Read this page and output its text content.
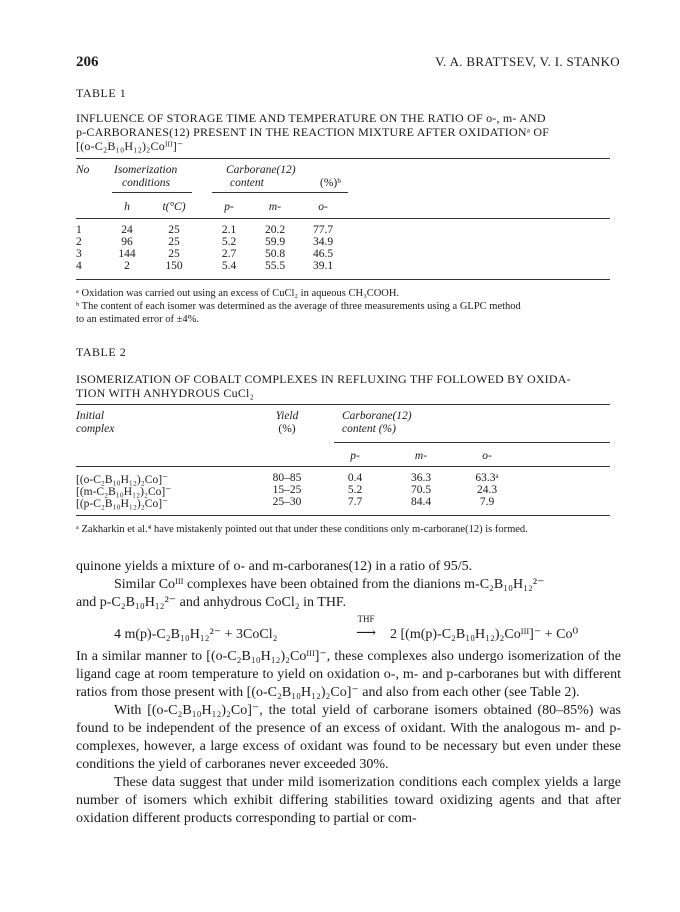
206	V. A. BRATTSEV, V. I. STANKO
TABLE 1
INFLUENCE OF STORAGE TIME AND TEMPERATURE ON THE RATIO OF o-, m- AND
p-CARBORANES(12) PRESENT IN THE REACTION MIXTURE AFTER OXIDATIONᵃ OF
[(o-C₂B₁₀H₁₂)₂Coᴵᴵᴵ]⁻
No Isomerization
conditions
Carborane(12)
content	(%)ᵇ
h	t(°C)	p-	m-	o-
1	24	25	2.1	20.2	77.7
2	96	25	5.2	59.9	34.9
3	144	25	2.7	50.8	46.5
4	2	150	5.4	55.5	39.1
ᵃ Oxidation was carried out using an excess of CuCl₂ in aqueous CH₃COOH.
ᵇ The content of each isomer was determined as the average of three measurements using a GLPC method
to an estimated error of ±4%.
TABLE 2
ISOMERIZATION OF COBALT COMPLEXES IN REFLUXING THF FOLLOWED BY OXIDA-
TION WITH ANHYDROUS CuCl₂
Initial
complex
Yield
(%)
Carborane(12)
content (%)
p-	m-	o-
[(o-C₂B₁₀H₁₂)₂Co]⁻	80–85	0.4	36.3	63.3ᵃ
[(m-C₂B₁₀H₁₂)₂Co]⁻	15–25	5.2	70.5	24.3
[(p-C₂B₁₀H₁₂)₂Co]⁻	25–30	7.7	84.4	7.9
ᵃ Zakharkin et al.⁴ have mistakenly pointed out that under these conditions only m-carborane(12) is formed.

quinone yields a mixture of o- and m-carboranes(12) in a ratio of 95/5.

Similar Coᴵᴵᴵ complexes have been obtained from the dianions m-C₂B₁₀H₁₂²⁻

and p-C₂B₁₀H₁₂²⁻ and anhydrous CoCl₂ in THF.

4 m(p)-C₂B₁₀H₁₂²⁻ + 3CoCl₂
THF
⟶ 2 [(m(p)-C₂B₁₀H₁₂)₂Coᴵᴵᴵ]⁻ + Co⁰

In a similar manner to [(o-C₂B₁₀H₁₂)₂Coᴵᴵᴵ]⁻, these complexes also undergo isomerization of the ligand cage at room temperature to yield on oxidation o-, m- and p-carboranes but with different ratios from those present with [(o-C₂B₁₀H₁₂)₂Co]⁻ and also from each other (see Table 2).

With [(o-C₂B₁₀H₁₂)₂Co]⁻, the total yield of carborane isomers obtained (80–85%) was found to be independent of the presence of an excess of oxidant. With the analogous m- and p- complexes, however, a large excess of oxidant was found to be necessary but even under these conditions the yield of carboranes never exceeded 30%.

These data suggest that under mild isomerization conditions each complex yields a large number of isomers which exhibit differing stabilities toward oxidizing agents and that after oxidation different products corresponding to partial or com-
